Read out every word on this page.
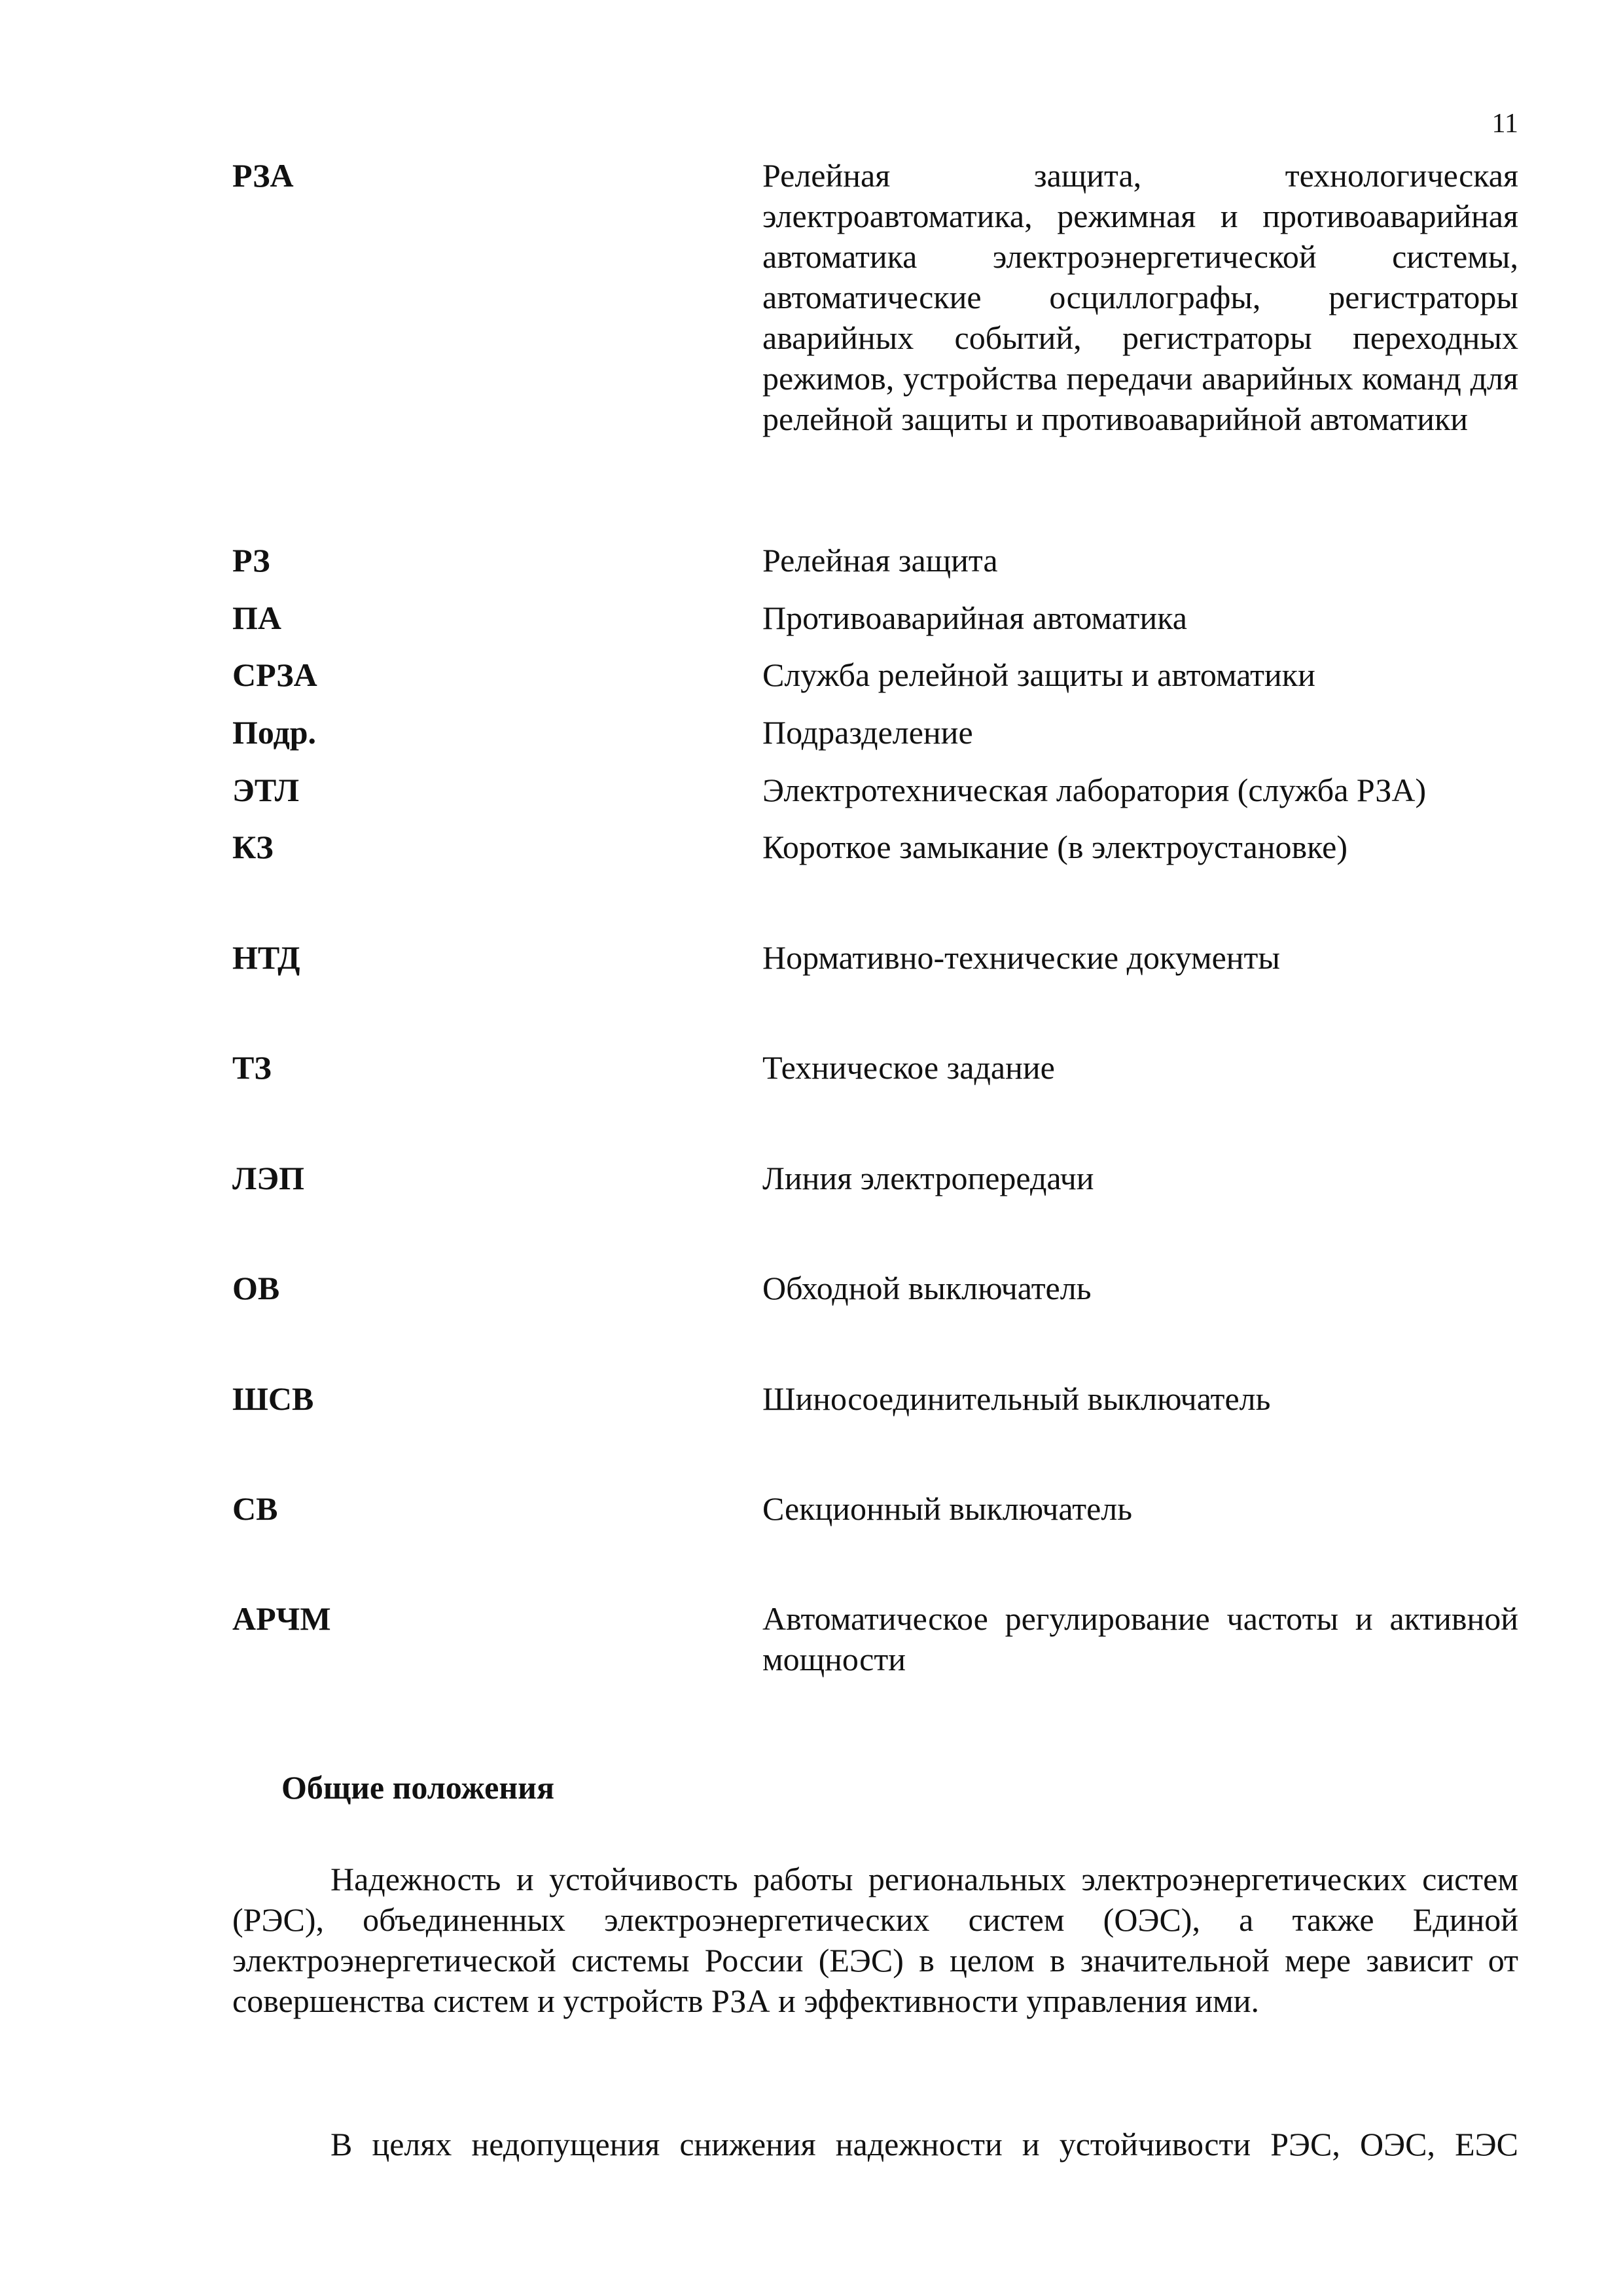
11
РЗА	Релейная защита, технологическая электроавтоматика, режимная и противоаварийная автоматика электроэнергетической системы, автоматические осциллографы, регистраторы аварийных событий, регистраторы переходных режимов, устройства передачи аварийных команд для релейной защиты и противоаварийной автоматики
РЗ	Релейная защита
ПА	Противоаварийная автоматика
СРЗА	Служба релейной защиты и автоматики
Подр.	Подразделение
ЭТЛ	Электротехническая лаборатория (служба РЗА)
КЗ	Короткое замыкание (в электроустановке)
НТД	Нормативно-технические документы
ТЗ	Техническое задание
ЛЭП	Линия электропередачи
ОВ	Обходной выключатель
ШСВ	Шиносоединительный выключатель
СВ	Секционный выключатель
АРЧМ	Автоматическое регулирование частоты и активной мощности
Общие положения

Надежность и устойчивость работы региональных электроэнергетических систем (РЭС), объединенных электроэнергетических систем (ОЭС), а также Единой электроэнергетической системы России (ЕЭС) в целом в значительной мере зависит от совершенства систем и устройств РЗА и эффективности управления ими.

В целях недопущения снижения надежности и устойчивости РЭС, ОЭС, ЕЭС
